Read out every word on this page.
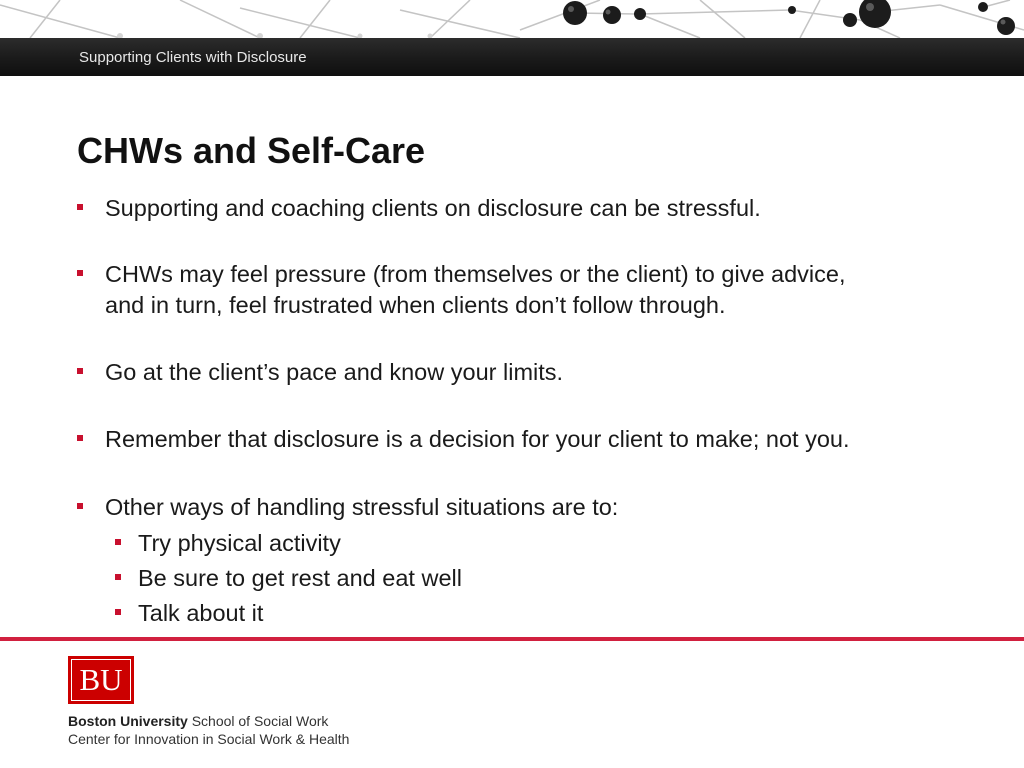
Supporting Clients with Disclosure
CHWs and Self-Care
Supporting and coaching clients on disclosure can be stressful.
CHWs may feel pressure (from themselves or the client) to give advice,
and in turn, feel frustrated when clients don’t follow through.
Go at the client’s pace and know your limits.
Remember that disclosure is a decision for your client to make; not you.
Other ways of handling stressful situations are to:
Try physical activity
Be sure to get rest and eat well
Talk about it
BU
Boston University School of Social Work
Center for Innovation in Social Work & Health
